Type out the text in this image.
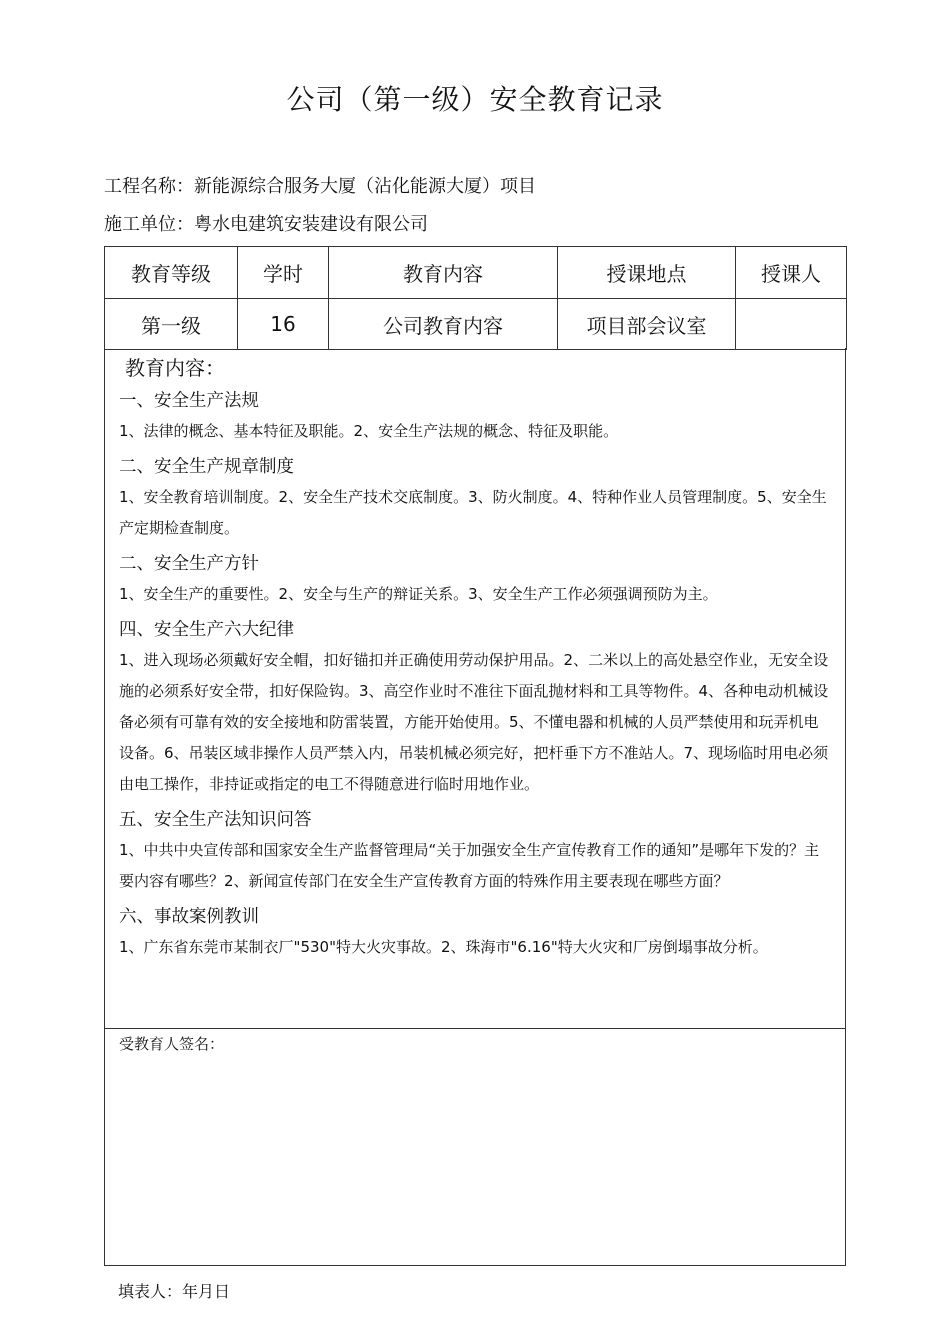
公司（第一级）安全教育记录
工程名称：新能源综合服务大厦（沾化能源大厦）项目
施工单位：粤水电建筑安装建设有限公司
教育等级	学时	教育内容	授课地点	授课人
第一级	16	公司教育内容	项目部会议室	
教育内容：
一、安全生产法规

1、法律的概念、基本特征及职能。2、安全生产法规的概念、特征及职能。

二、安全生产规章制度

1、安全教育培训制度。2、安全生产技术交底制度。3、防火制度。4、特种作业人员管理制度。5、安全生产定期检查制度。

二、安全生产方针

1、安全生产的重要性。2、安全与生产的辩证关系。3、安全生产工作必须强调预防为主。

四、安全生产六大纪律

1、进入现场必须戴好安全帽，扣好锚扣并正确使用劳动保护用品。2、二米以上的高处悬空作业，无安全设施的必须系好安全带，扣好保险钩。3、高空作业时不准往下面乱抛材料和工具等物件。4、各种电动机械设备必须有可靠有效的安全接地和防雷装置，方能开始使用。5、不懂电器和机械的人员严禁使用和玩弄机电设备。6、吊装区域非操作人员严禁入内，吊装机械必须完好，把杆垂下方不准站人。7、现场临时用电必须由电工操作，非持证或指定的电工不得随意进行临时用地作业。

五、安全生产法知识问答

1、中共中央宣传部和国家安全生产监督管理局“关于加强安全生产宣传教育工作的通知”是哪年下发的？主要内容有哪些？2、新闻宣传部门在安全生产宣传教育方面的特殊作用主要表现在哪些方面？

六、事故案例教训

1、广东省东莞市某制衣厂"530"特大火灾事故。2、珠海市"6.16"特大火灾和厂房倒塌事故分析。

受教育人签名：
填表人：年月日
